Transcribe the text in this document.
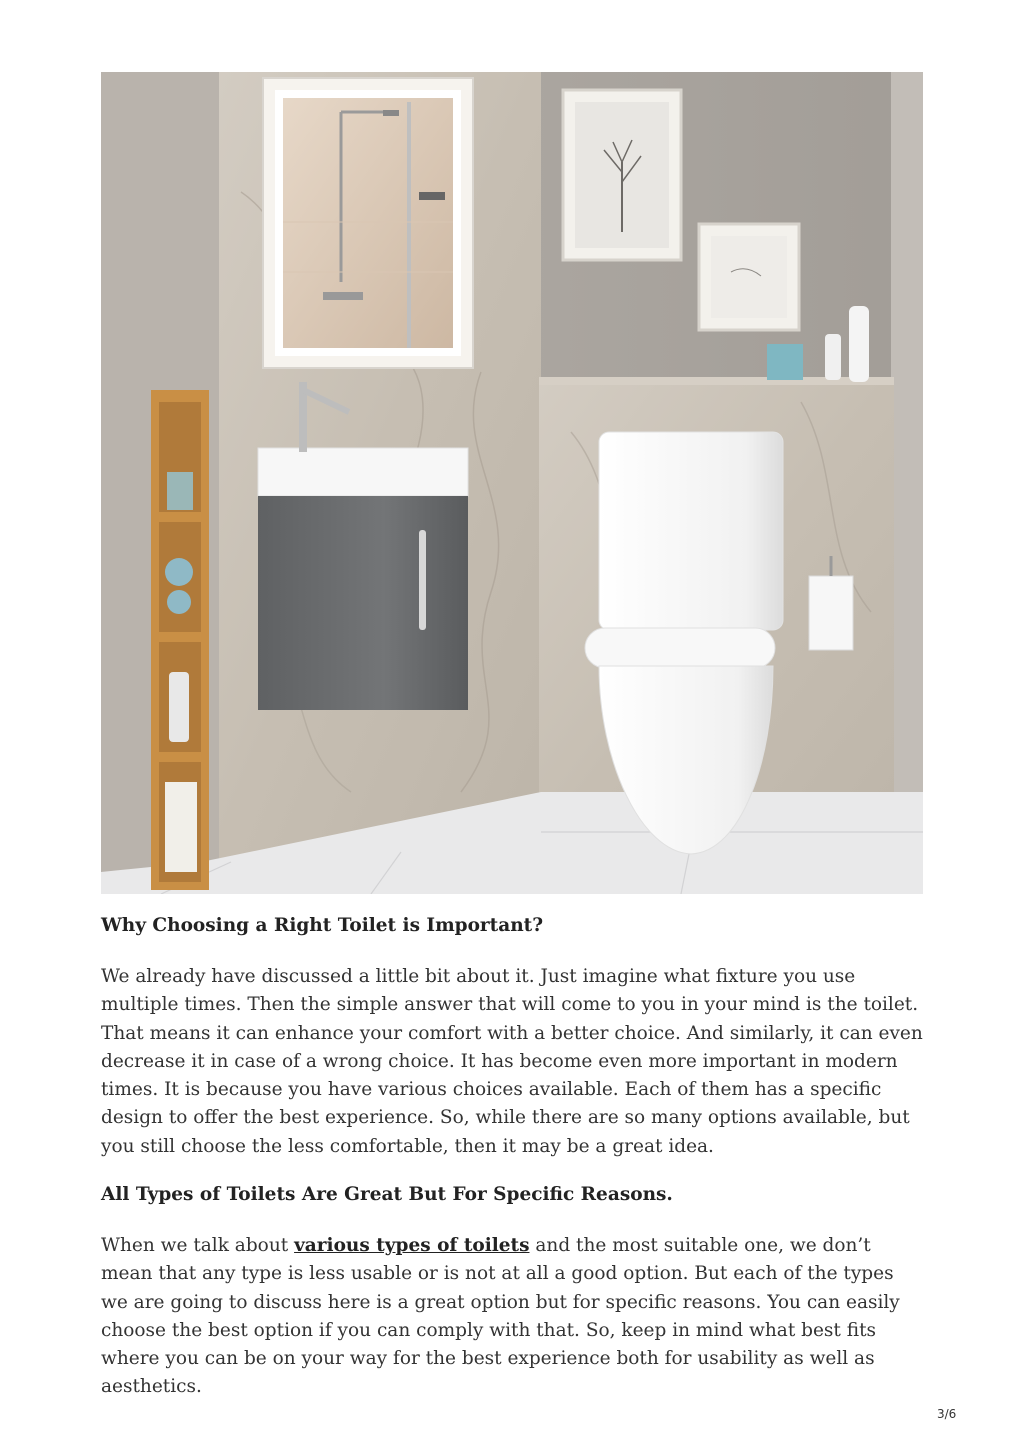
Why Choosing a Right Toilet is Important?
We already have discussed a little bit about it. Just imagine what fixture you use multiple times. Then the simple answer that will come to you in your mind is the toilet. That means it can enhance your comfort with a better choice. And similarly, it can even decrease it in case of a wrong choice. It has become even more important in modern times. It is because you have various choices available. Each of them has a specific design to offer the best experience. So, while there are so many options available, but you still choose the less comfortable, then it may be a great idea.
All Types of Toilets Are Great But For Specific Reasons.
When we talk about various types of toilets and the most suitable one, we don’t mean that any type is less usable or is not at all a good option. But each of the types we are going to discuss here is a great option but for specific reasons. You can easily choose the best option if you can comply with that. So, keep in mind what best fits where you can be on your way for the best experience both for usability as well as aesthetics.
3/6
